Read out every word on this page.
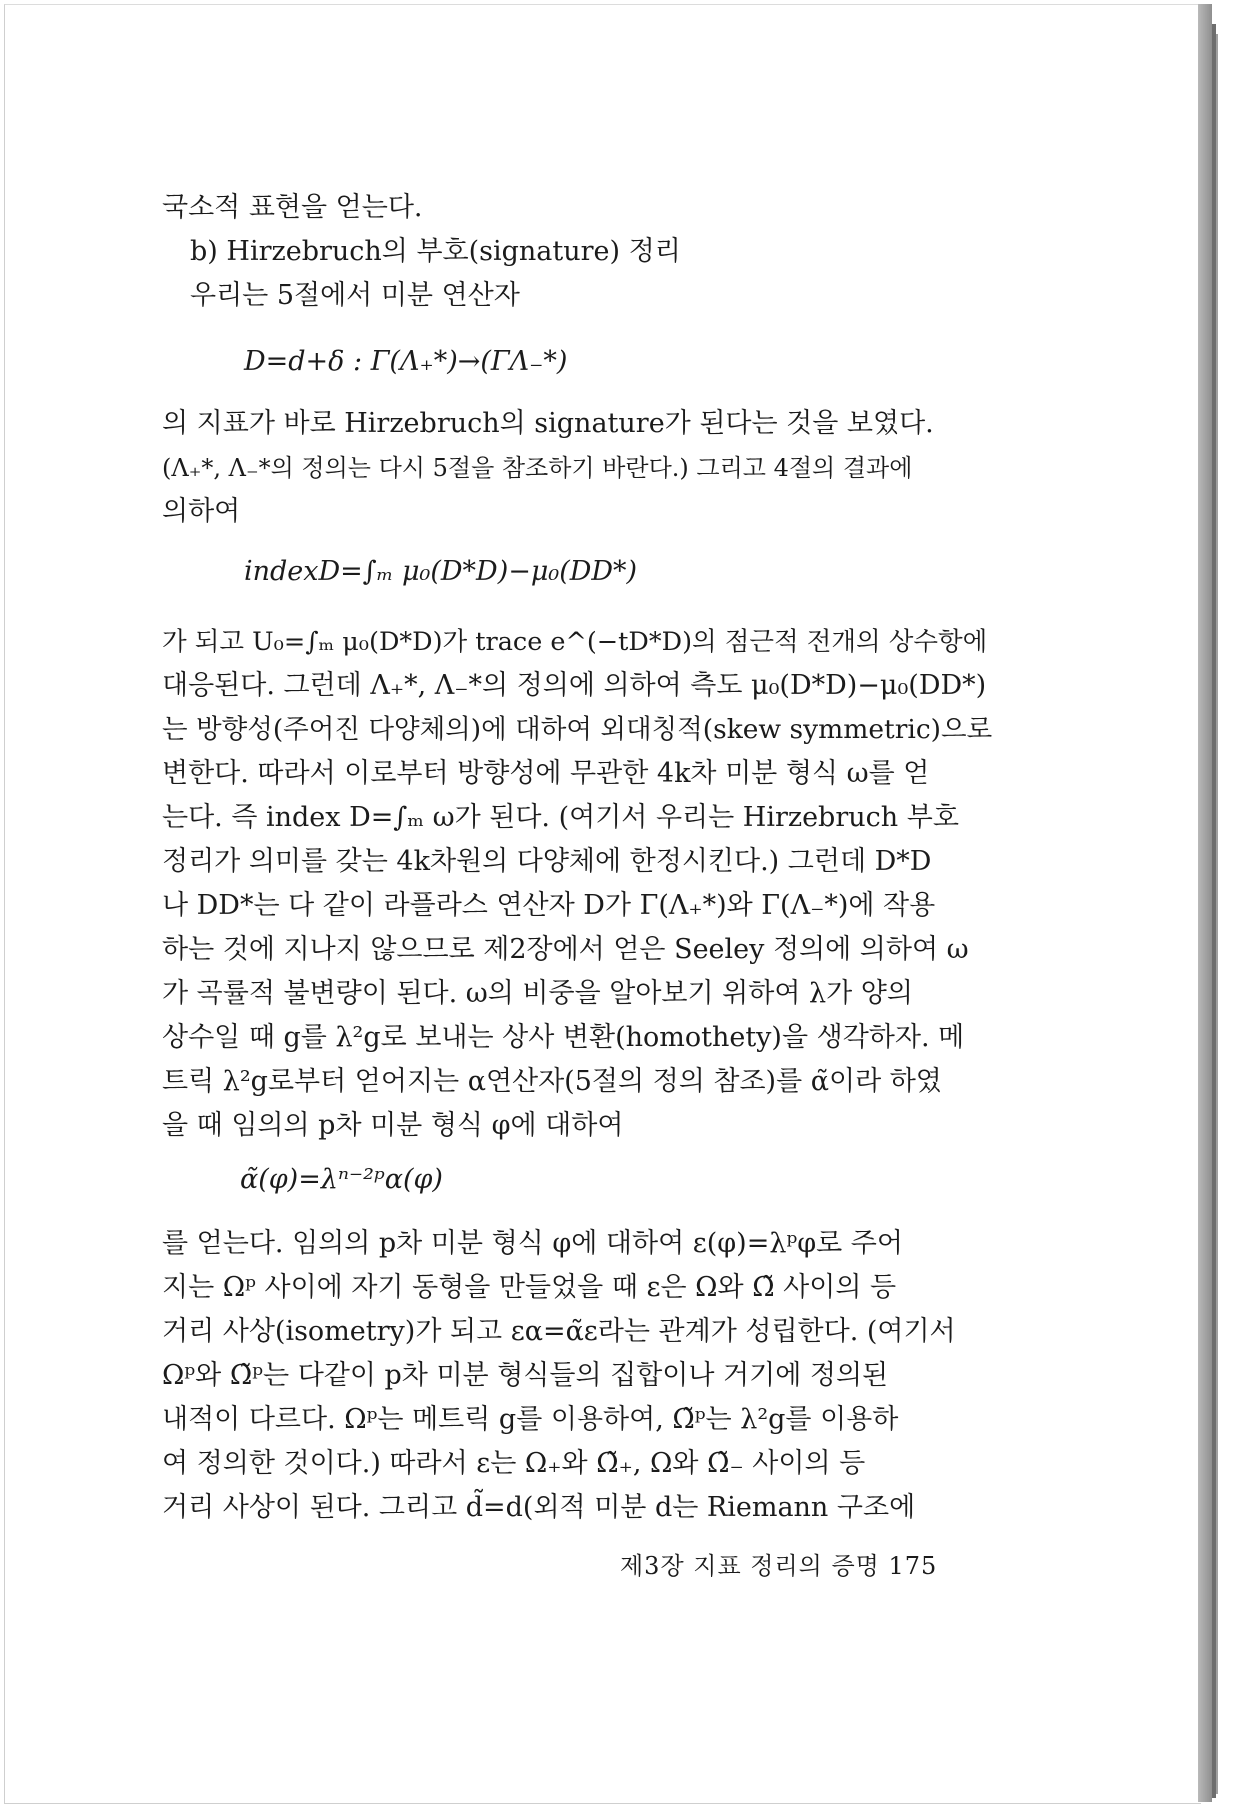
국소적 표현을 얻는다.
b) Hirzebruch의 부호(signature) 정리
우리는 5절에서 미분 연산자
D=d+δ : Γ(Λ₊*)→(ΓΛ₋*)
의 지표가 바로 Hirzebruch의 signature가 된다는 것을 보였다.
(Λ₊*, Λ₋*의 정의는 다시 5절을 참조하기 바란다.) 그리고 4절의 결과에
의하여
indexD=∫ₘ μ₀(D*D)−μ₀(DD*)
가 되고 U₀=∫ₘ μ₀(D*D)가 trace e^(−tD*D)의 점근적 전개의 상수항에
대응된다. 그런데 Λ₊*, Λ₋*의 정의에 의하여 측도 μ₀(D*D)−μ₀(DD*)
는 방향성(주어진 다양체의)에 대하여 외대칭적(skew symmetric)으로
변한다. 따라서 이로부터 방향성에 무관한 4k차 미분 형식 ω를 얻
는다. 즉 index D=∫ₘ ω가 된다. (여기서 우리는 Hirzebruch 부호
정리가 의미를 갖는 4k차원의 다양체에 한정시킨다.) 그런데 D*D
나 DD*는 다 같이 라플라스 연산자 D가 Γ(Λ₊*)와 Γ(Λ₋*)에 작용
하는 것에 지나지 않으므로 제2장에서 얻은 Seeley 정의에 의하여 ω
가 곡률적 불변량이 된다. ω의 비중을 알아보기 위하여 λ가 양의
상수일 때 g를 λ²g로 보내는 상사 변환(homothety)을 생각하자. 메
트릭 λ²g로부터 얻어지는 α연산자(5절의 정의 참조)를 α̃이라 하였
을 때 임의의 p차 미분 형식 φ에 대하여
α̃(φ)=λⁿ⁻²ᵖα(φ)
를 얻는다. 임의의 p차 미분 형식 φ에 대하여 ε(φ)=λᵖφ로 주어
지는 Ωᵖ 사이에 자기 동형을 만들었을 때 ε은 Ω와 Ω̃ 사이의 등
거리 사상(isometry)가 되고 εα=α̃ε라는 관계가 성립한다. (여기서
Ωᵖ와 Ω̃ᵖ는 다같이 p차 미분 형식들의 집합이나 거기에 정의된
내적이 다르다. Ωᵖ는 메트릭 g를 이용하여, Ω̃ᵖ는 λ²g를 이용하
여 정의한 것이다.) 따라서 ε는 Ω₊와 Ω̃₊, Ω와 Ω̃₋ 사이의 등
거리 사상이 된다. 그리고 d̃=d(외적 미분 d는 Riemann 구조에
제3장 지표 정리의 증명 175
